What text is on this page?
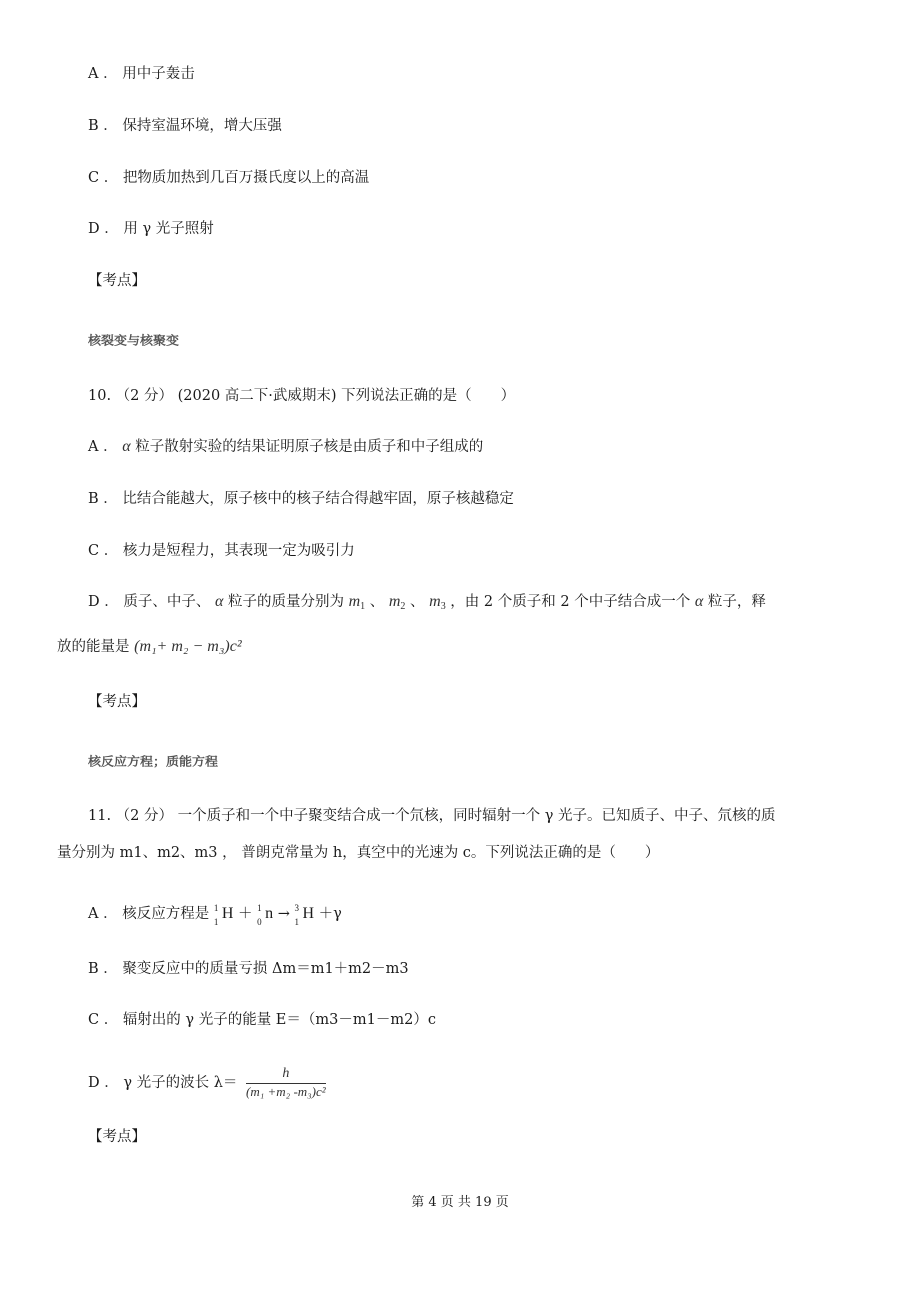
A ． 用中子轰击
B ． 保持室温环境，增大压强
C ． 把物质加热到几百万摄氏度以上的高温
D ． 用 γ 光子照射
【考点】
核裂变与核聚变
10. （2 分） (2020 高二下·武威期末) 下列说法正确的是（　　）
A ． α 粒子散射实验的结果证明原子核是由质子和中子组成的
B ． 比结合能越大，原子核中的核子结合得越牢固，原子核越稳定
C ． 核力是短程力，其表现一定为吸引力
D ． 质子、中子、 α 粒子的质量分别为 $m_1$ 、 $m_2$ 、 $m_3$ ，由 2 个质子和 2 个中子结合成一个 α 粒子，释
放的能量是 (m₁+ m₂ − m₃)c²
【考点】
核反应方程；质能方程
11. （2 分） 一个质子和一个中子聚变结合成一个氘核，同时辐射一个 γ 光子。已知质子、中子、氘核的质
量分别为 m1、m2、m3 ， 普朗克常量为 h，真空中的光速为 c。下列说法正确的是（　　）
A ． 核反应方程是 1
1 H ＋ 1
0 n → 3
1 H ＋γ
B ． 聚变反应中的质量亏损 Δm＝m1＋m2－m3
C ． 辐射出的 γ 光子的能量 E＝（m3－m1－m2）c
D ． γ 光子的波长 $\lambda= \frac{h}{\text{(m₁ +m₂ -m₃)c²}}$
【考点】
第 4 页 共 19 页
